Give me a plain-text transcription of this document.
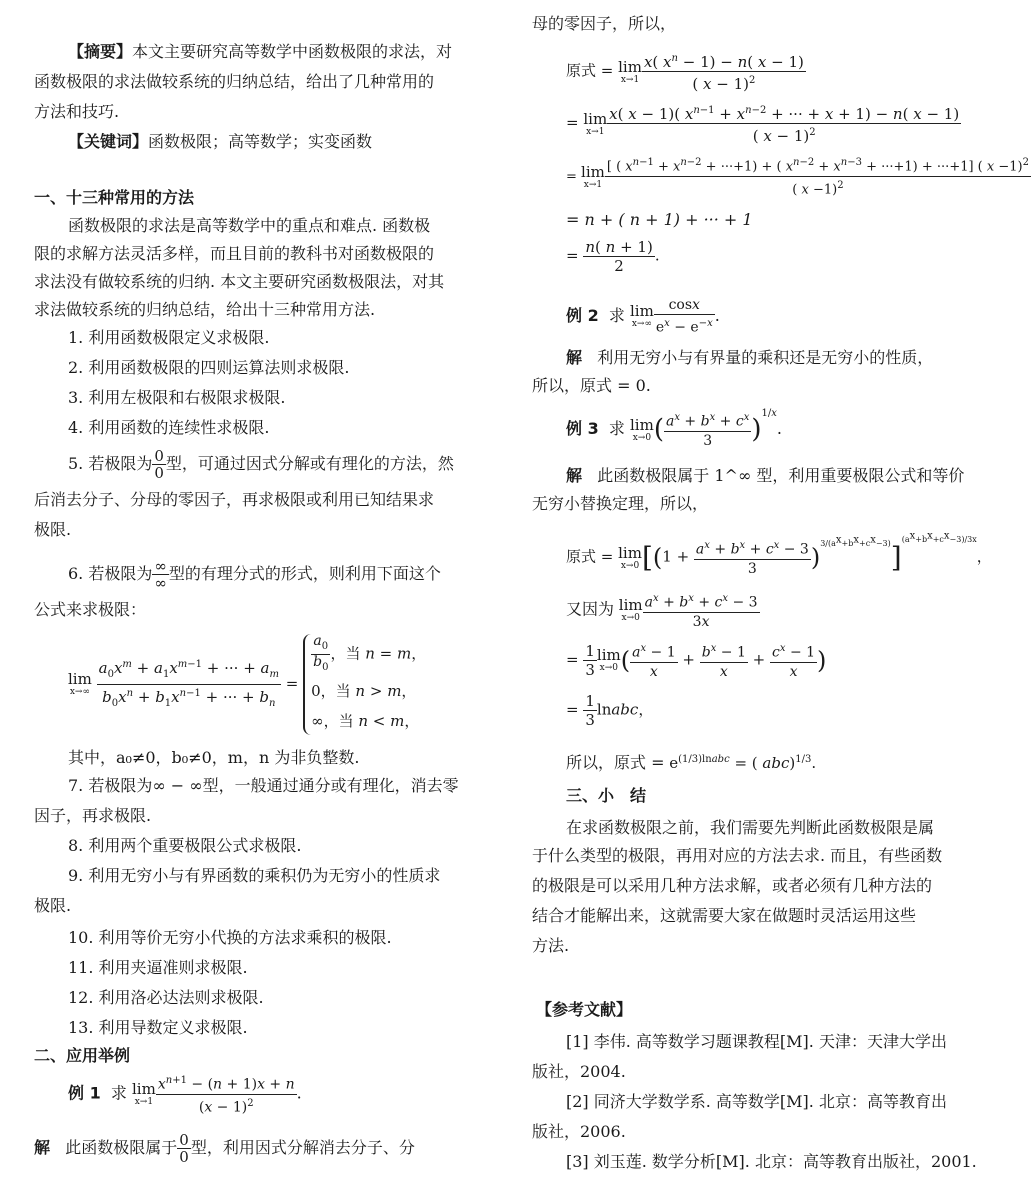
【摘要】本文主要研究高等数学中函数极限的求法，对
函数极限的求法做较系统的归纳总结，给出了几种常用的
方法和技巧.
【关键词】函数极限；高等数学；实变函数
一、十三种常用的方法
函数极限的求法是高等数学中的重点和难点. 函数极
限的求解方法灵活多样，而且目前的教科书对函数极限的
求法没有做较系统的归纳. 本文主要研究函数极限法，对其
求法做较系统的归纳总结，给出十三种常用方法.
1. 利用函数极限定义求极限.
2. 利用函数极限的四则运算法则求极限.
3. 利用左极限和右极限求极限.
4. 利用函数的连续性求极限.
5. 若极限为 $\frac{0}{0}$ 型，可通过因式分解或有理化的方法，然
后消去分子、分母的零因子，再求极限或利用已知结果求
极限.
6. 若极限为 $\frac{\infty}{\infty}$ 型的有理分式的形式，则利用下面这个
公式来求极限：
lim
x→∞
$\frac{a_0x^m + a_1x^{m-1} + \cdot\cdot\cdot + a_m}{b_0x^n + b_1x^{n-1} + \cdot\cdot\cdot + b_n}$ =
$\frac{a_0}{b_0}$ ，当 n = m，
0，当 n > m，
∞，当 n < m，
其中，a₀≠0，b₀≠0，m，n 为非负整数.
7. 若极限为∞ − ∞型，一般通过通分或有理化，消去零
因子，再求极限.
8. 利用两个重要极限公式求极限.
9. 利用无穷小与有界函数的乘积仍为无穷小的性质求
极限.
10. 利用等价无穷小代换的方法求乘积的极限.
11. 利用夹逼准则求极限.
12. 利用洛必达法则求极限.
13. 利用导数定义求极限.
二、应用举例
例 1 求 lim
$x\to 1 \frac{x^{n+1} - (n + 1)x + n}{(x - 1)^2}$ .
解 此函数极限属于 $\frac{0}{0}$ 型，利用因式分解消去分子、分
母的零因子，所以，
原式 = lim
$x\to 1 \frac{x( x^n - 1) - n( x - 1)}{( x - 1)^2}$
= lim
$x\to 1 \frac{x( x - 1)( x^{n-1} + x^{n-2} + \cdot\cdot\cdot + x + 1) - n( x - 1)}{( x - 1)^2}$
= lim
x→1
[ ( $x^{n-1} + x^{n-2} + \cdot\cdot\cdot+1$) + ( $x^{n-2} + x^{n-3} + \cdot\cdot\cdot+1) + \cdot\cdot\cdot+1$] ( x −1)$^2$
( x −1)$^2$
= n + ( n + 1) + ··· + 1
= $\frac{n( n + 1)}{2}$ .
例 2 求 lim
$x\to\infty \frac{\cos x}{e^x - e^{-x}}$ .
解 利用无穷小与有界量的乘积还是无穷小的性质，
所以，原式 = 0.
例 3 求 lim
x→0 ( $\frac{a^x + b^x + c^x}{3} )^{1/x}$.
解 此函数极限属于 1^∞ 型，利用重要极限公式和等价
无穷小替换定理，所以，
原式 = lim
x→0 $[(1 + \frac{a^x + b^x + c^x - 3}{3} )^{3/(a^x+b^x+c^x-3)}]^{(a^x+b^x+c^x-3)/3x}$，
又因为 lim
$x\to 0 \frac{a^x + b^x + c^x - 3}{3x}$
= $\frac{1}{3}$ lim
x→0 ( $\frac{a^x - 1}{x} + \frac{b^x - 1}{x} + \frac{c^x - 1}{x}$ )
= $\frac{1}{3}$ lnabc，
所以，原式 = $e^{(1/3)lnabc}$ = ( abc)$^{1/3}$.
三、小　结
在求函数极限之前，我们需要先判断此函数极限是属
于什么类型的极限，再用对应的方法去求. 而且，有些函数
的极限是可以采用几种方法求解，或者必须有几种方法的
结合才能解出来，这就需要大家在做题时灵活运用这些
方法.
【参考文献】
[1] 李伟. 高等数学习题课教程[M]. 天津：天津大学出
版社，2004.
[2] 同济大学数学系. 高等数学[M]. 北京：高等教育出
版社，2006.
[3] 刘玉莲. 数学分析[M]. 北京：高等教育出版社，2001.
